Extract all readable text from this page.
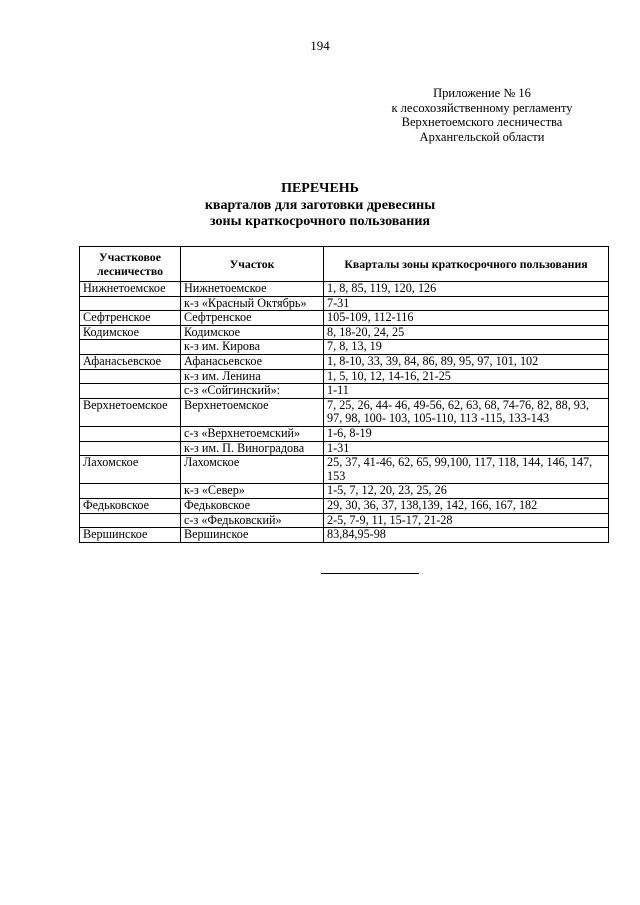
194
Приложение № 16
к лесохозяйственному регламенту
Верхнетоемского лесничества
Архангельской области
ПЕРЕЧЕНЬ
кварталов для заготовки древесины
зоны краткосрочного пользования
Участковое
лесничество	Участок	Кварталы зоны краткосрочного пользования
Нижнетоемское	Нижнетоемское	1, 8, 85, 119, 120, 126
	к-з «Красный Октябрь»	7-31
Сефтренское	Сефтренское	105-109, 112-116
Кодимское	Кодимское	8, 18-20, 24, 25
	к-з им. Кирова	7, 8, 13, 19
Афанасьевское	Афанасьевское	1, 8-10, 33, 39, 84, 86, 89, 95, 97, 101, 102
	к-з им. Ленина	1, 5, 10, 12, 14-16, 21-25
	с-з «Сойгинский»:	1-11
Верхнетоемское	Верхнетоемское	7, 25, 26, 44- 46, 49-56, 62, 63, 68, 74-76, 82, 88, 93, 97, 98, 100- 103, 105-110, 113 -115, 133-143
	с-з «Верхнетоемский»	1-6, 8-19
	к-з им. П. Виноградова	1-31
Лахомское	Лахомское	25, 37, 41-46, 62, 65, 99,100, 117, 118, 144, 146, 147, 153
	к-з «Север»	1-5, 7, 12, 20, 23, 25, 26
Федьковское	Федьковское	29, 30, 36, 37, 138,139, 142, 166, 167, 182
	с-з «Федьковский»	2-5, 7-9, 11, 15-17, 21-28
Вершинское	Вершинское	83,84,95-98
